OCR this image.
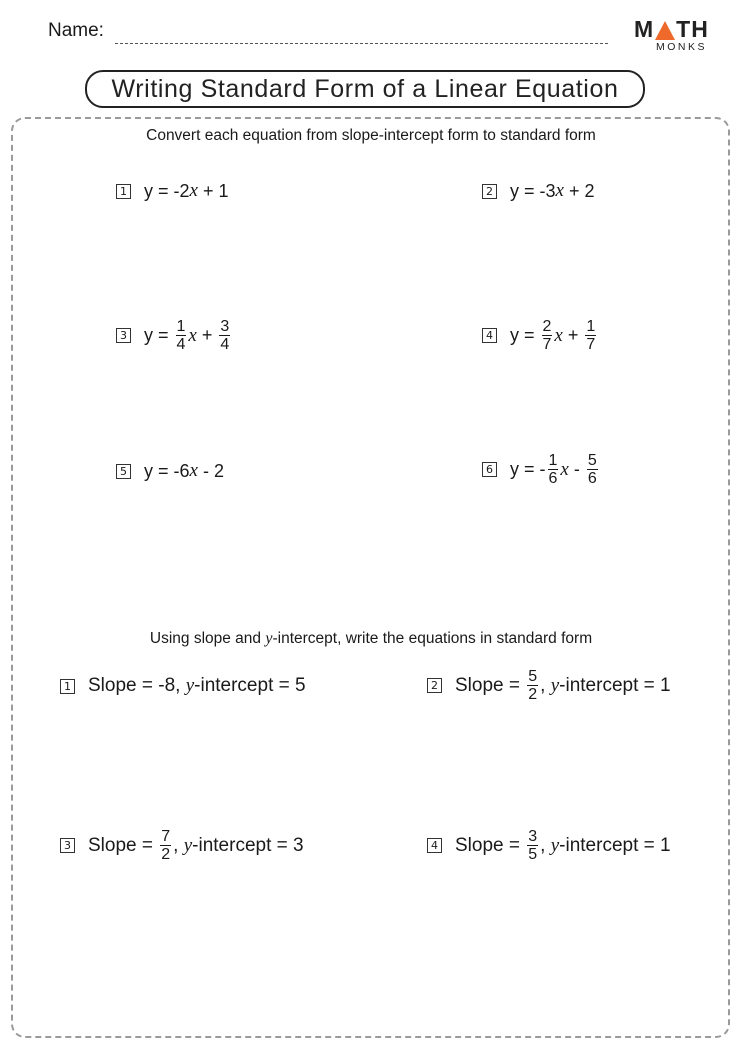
Name:	M TH
MONKS
Writing Standard Form of a Linear Equation
Convert each equation from slope-intercept form to standard form
1 y = -2 x + 1	2 y = -3 x + 2
3 $y = \frac{1}{4}$ $x + \frac{3}{4}$	4 $y = \frac{2}{7}$ $x + \frac{1}{7}$
5 y = -6 x - 2	6 y = - $\frac{1}{6}$ x - $\frac{5}{6}$
Using slope and y-intercept, write the equations in standard form
1 Slope = -8, y -intercept = 5	2 Slope = $\frac{5}{2}$ , y -intercept = 1
3 Slope = $\frac{7}{2}$ , y -intercept = 3	4 Slope = $\frac{3}{5}$ , y -intercept = 1
